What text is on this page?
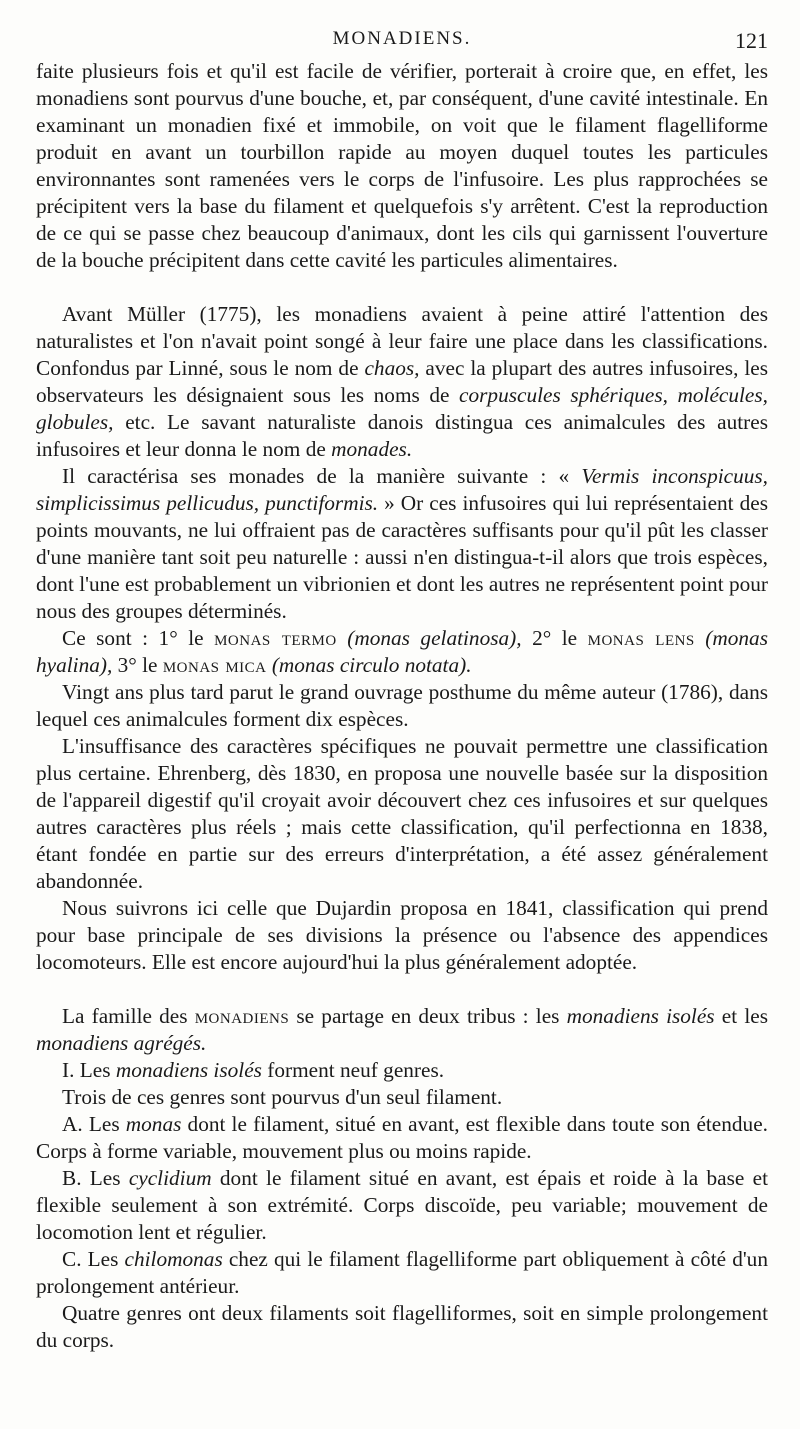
MONADIENS.	121

faite plusieurs fois et qu'il est facile de vérifier, porterait à croire que, en effet, les monadiens sont pourvus d'une bouche, et, par conséquent, d'une cavité intestinale. En examinant un monadien fixé et immobile, on voit que le filament flagelliforme produit en avant un tourbillon rapide au moyen duquel toutes les particules environnantes sont ramenées vers le corps de l'infusoire. Les plus rapprochées se précipitent vers la base du filament et quelquefois s'y arrêtent. C'est la reproduction de ce qui se passe chez beaucoup d'animaux, dont les cils qui garnissent l'ouverture de la bouche précipitent dans cette cavité les particules alimentaires.

Avant Müller (1775), les monadiens avaient à peine attiré l'attention des naturalistes et l'on n'avait point songé à leur faire une place dans les classifications. Confondus par Linné, sous le nom de chaos, avec la plupart des autres infusoires, les observateurs les désignaient sous les noms de corpuscules sphériques, molécules, globules, etc. Le savant naturaliste danois distingua ces animalcules des autres infusoires et leur donna le nom de monades.

Il caractérisa ses monades de la manière suivante : « Vermis inconspicuus, simplicissimus pellicudus, punctiformis. » Or ces infusoires qui lui représentaient des points mouvants, ne lui offraient pas de caractères suffisants pour qu'il pût les classer d'une manière tant soit peu naturelle : aussi n'en distingua-t-il alors que trois espèces, dont l'une est probablement un vibrionien et dont les autres ne représentent point pour nous des groupes déterminés.

Ce sont : 1° le monas termo (monas gelatinosa), 2° le monas lens (monas hyalina), 3° le monas mica (monas circulo notata).

Vingt ans plus tard parut le grand ouvrage posthume du même auteur (1786), dans lequel ces animalcules forment dix espèces.

L'insuffisance des caractères spécifiques ne pouvait permettre une classification plus certaine. Ehrenberg, dès 1830, en proposa une nouvelle basée sur la disposition de l'appareil digestif qu'il croyait avoir découvert chez ces infusoires et sur quelques autres caractères plus réels ; mais cette classification, qu'il perfectionna en 1838, étant fondée en partie sur des erreurs d'interprétation, a été assez généralement abandonnée.

Nous suivrons ici celle que Dujardin proposa en 1841, classification qui prend pour base principale de ses divisions la présence ou l'absence des appendices locomoteurs. Elle est encore aujourd'hui la plus généralement adoptée.

La famille des monadiens se partage en deux tribus : les monadiens isolés et les monadiens agrégés.

I. Les monadiens isolés forment neuf genres.

Trois de ces genres sont pourvus d'un seul filament.

A. Les monas dont le filament, situé en avant, est flexible dans toute son étendue. Corps à forme variable, mouvement plus ou moins rapide.

B. Les cyclidium dont le filament situé en avant, est épais et roide à la base et flexible seulement à son extrémité. Corps discoïde, peu variable; mouvement de locomotion lent et régulier.

C. Les chilomonas chez qui le filament flagelliforme part obliquement à côté d'un prolongement antérieur.

Quatre genres ont deux filaments soit flagelliformes, soit en simple prolongement du corps.
